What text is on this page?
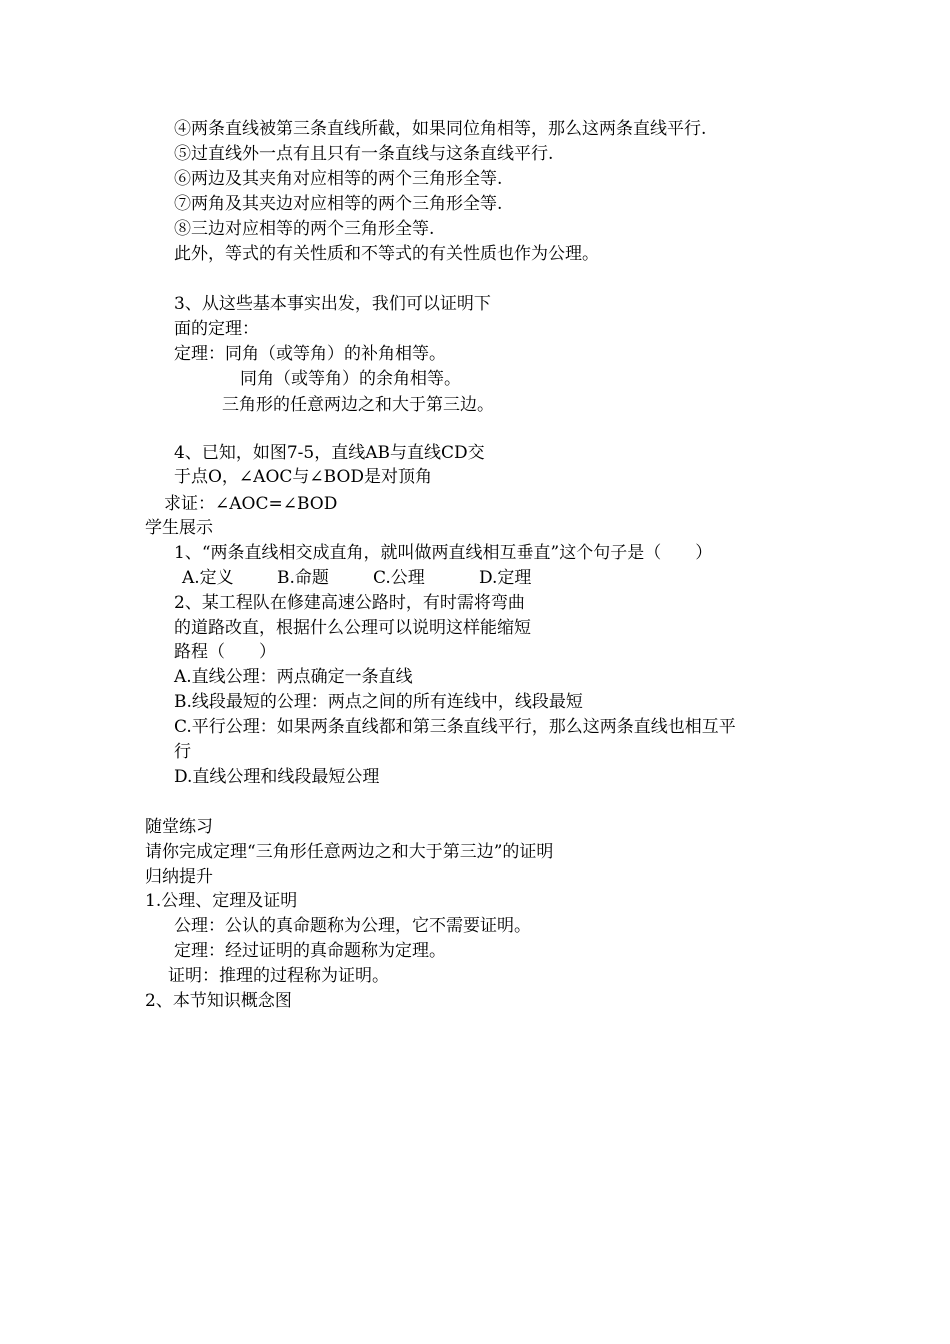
④两条直线被第三条直线所截，如果同位角相等，那么这两条直线平行.
⑤过直线外一点有且只有一条直线与这条直线平行.
⑥两边及其夹角对应相等的两个三角形全等.
⑦两角及其夹边对应相等的两个三角形全等.
⑧三边对应相等的两个三角形全等.
此外，等式的有关性质和不等式的有关性质也作为公理。
3、从这些基本事实出发，我们可以证明下
面的定理：
定理：同角（或等角）的补角相等。
同角（或等角）的余角相等。
三角形的任意两边之和大于第三边。
4、已知，如图7-5，直线AB与直线CD交
于点O，∠AOC与∠BOD是对顶角
求证：∠AOC=∠BOD
学生展示
1、“两条直线相交成直角，就叫做两直线相互垂直”这个句子是（　　）
A.定义	B.命题	C.公理	D.定理
2、某工程队在修建高速公路时，有时需将弯曲
的道路改直，根据什么公理可以说明这样能缩短
路程（　　）
A.直线公理：两点确定一条直线
B.线段最短的公理：两点之间的所有连线中，线段最短
C.平行公理：如果两条直线都和第三条直线平行，那么这两条直线也相互平
行
D.直线公理和线段最短公理
随堂练习
请你完成定理“三角形任意两边之和大于第三边”的证明
归纳提升
1.公理、定理及证明
公理：公认的真命题称为公理，它不需要证明。
定理：经过证明的真命题称为定理。
证明：推理的过程称为证明。
2、本节知识概念图
